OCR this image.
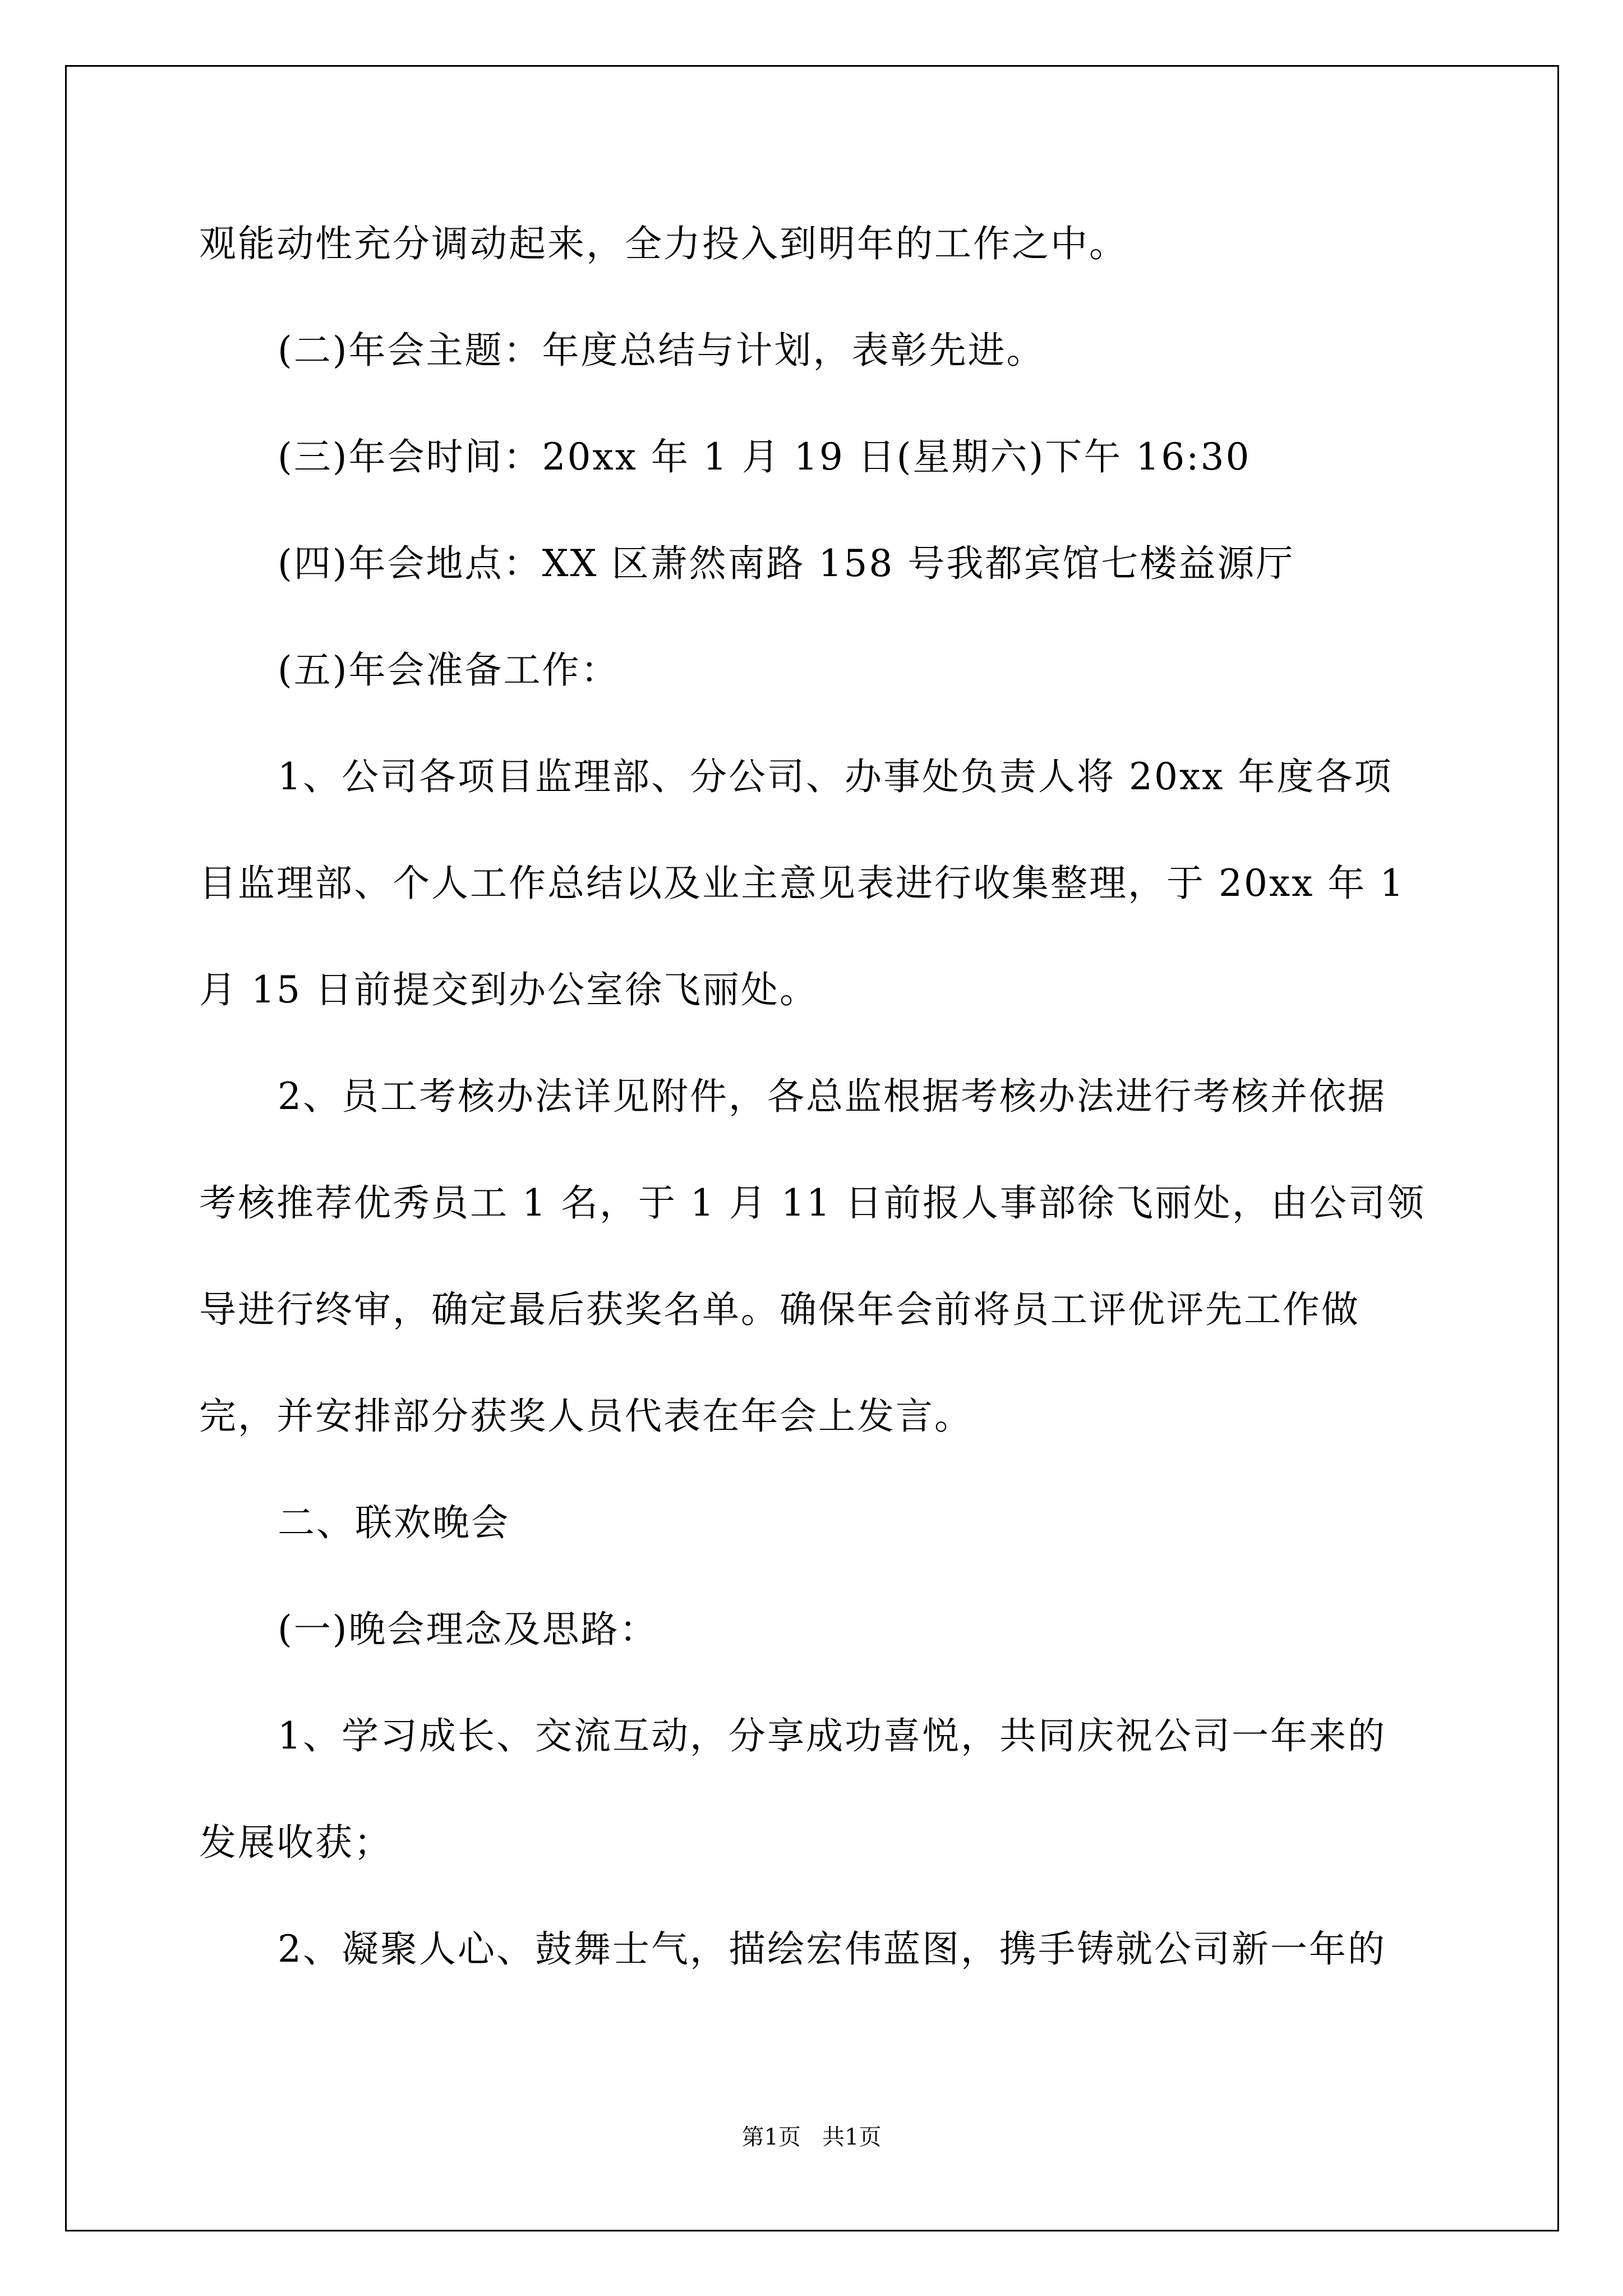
观能动性充分调动起来，全力投入到明年的工作之中。
(二)年会主题：年度总结与计划，表彰先进。
(三)年会时间：20xx 年 1 月 19 日(星期六)下午 16:30
(四)年会地点：XX 区萧然南路 158 号我都宾馆七楼益源厅
(五)年会准备工作：
1、公司各项目监理部、分公司、办事处负责人将 20xx 年度各项
目监理部、个人工作总结以及业主意见表进行收集整理，于 20xx 年 1
月 15 日前提交到办公室徐飞丽处。
2、员工考核办法详见附件，各总监根据考核办法进行考核并依据
考核推荐优秀员工 1 名，于 1 月 11 日前报人事部徐飞丽处，由公司领
导进行终审，确定最后获奖名单。确保年会前将员工评优评先工作做
完，并安排部分获奖人员代表在年会上发言。
二、联欢晚会
(一)晚会理念及思路：
1、学习成长、交流互动，分享成功喜悦，共同庆祝公司一年来的
发展收获；
2、凝聚人心、鼓舞士气，描绘宏伟蓝图，携手铸就公司新一年的
第1页   共1页
